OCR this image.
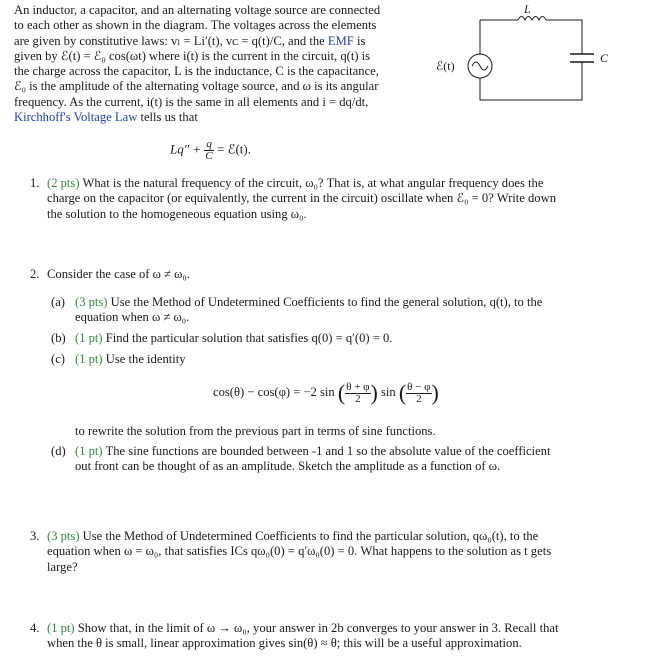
An inductor, a capacitor, and an alternating voltage source are connected
to each other as shown in the diagram. The voltages across the elements
are given by constitutive laws: vₗ = Li′(t), vᴄ = q(t)/C, and the EMF is
given by ℰ(t) = ℰ₀ cos(ωt) where i(t) is the current in the circuit, q(t) is
the charge across the capacitor, L is the inductance, C is the capacitance,
ℰ₀ is the amplitude of the alternating voltage source, and ω is its angular
frequency. As the current, i(t) is the same in all elements and i = dq/dt,
Kirchhoff's Voltage Law tells us that
L
C
ℰ(t)
$Lq'' + \frac{q}{C}$ = ℰ(t).
1. (2 pts) What is the natural frequency of the circuit, ω₀? That is, at what angular frequency does the
charge on the capacitor (or equivalently, the current in the circuit) oscillate when ℰ₀ = 0? Write down
the solution to the homogeneous equation using ω₀.
2. Consider the case of ω ≠ ω₀.
(a) (3 pts) Use the Method of Undetermined Coefficients to find the general solution, q(t), to the
equation when ω ≠ ω₀.
(b) (1 pt) Find the particular solution that satisfies q(0) = q′(0) = 0.
(c) (1 pt) Use the identity
cos(θ) − cos(φ) = −2 sin ( $\frac{\theta + \varphi}{2}$ ) sin ( $\frac{\theta - \varphi}{2}$ )
to rewrite the solution from the previous part in terms of sine functions.
(d) (1 pt) The sine functions are bounded between -1 and 1 so the absolute value of the coefficient
out front can be thought of as an amplitude. Sketch the amplitude as a function of ω.
3. (3 pts) Use the Method of Undetermined Coefficients to find the particular solution, qω₀(t), to the
equation when ω = ω₀, that satisfies ICs qω₀(0) = q′ω₀(0) = 0. What happens to the solution as t gets
large?
4. (1 pt) Show that, in the limit of ω → ω₀, your answer in 2b converges to your answer in 3. Recall that
when the θ is small, linear approximation gives sin(θ) ≈ θ; this will be a useful approximation.
